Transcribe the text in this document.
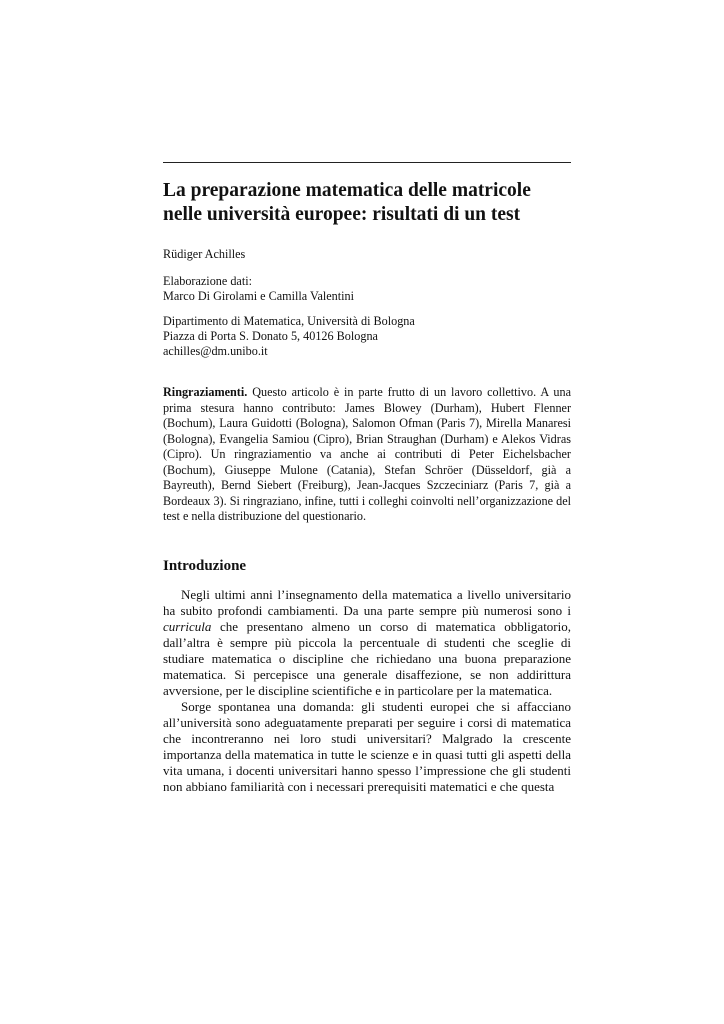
La preparazione matematica delle matricole
nelle università europee: risultati di un test

Rüdiger Achilles

Elaborazione dati:
Marco Di Girolami e Camilla Valentini

Dipartimento di Matematica, Università di Bologna
Piazza di Porta S. Donato 5, 40126 Bologna
achilles@dm.unibo.it

Ringraziamenti. Questo articolo è in parte frutto di un lavoro collettivo. A una prima stesura hanno contributo: James Blowey (Durham), Hubert Flenner (Bochum), Laura Guidotti (Bologna), Salomon Ofman (Paris 7), Mirella Manaresi (Bologna), Evangelia Samiou (Cipro), Brian Straughan (Durham) e Alekos Vidras (Cipro). Un ringraziamentio va anche ai contributi di Peter Eichelsbacher (Bochum), Giuseppe Mulone (Catania), Stefan Schröer (Düsseldorf, già a Bayreuth), Bernd Siebert (Freiburg), Jean-Jacques Szczeciniarz (Paris 7, già a Bordeaux 3). Si ringraziano, infine, tutti i colleghi coinvolti nell’organizzazione del test e nella distribuzione del questionario.

Introduzione

Negli ultimi anni l’insegnamento della matematica a livello universitario ha subito profondi cambiamenti. Da una parte sempre più numerosi sono i curricula che presentano almeno un corso di matematica obbligatorio, dall’altra è sempre più piccola la percentuale di studenti che sceglie di studiare matematica o discipline che richiedano una buona preparazione matematica. Si percepisce una generale disaffezione, se non addirittura avversione, per le discipline scientifiche e in particolare per la matematica.

Sorge spontanea una domanda: gli studenti europei che si affacciano all’università sono adeguatamente preparati per seguire i corsi di matematica che incontreranno nei loro studi universitari? Malgrado la crescente importanza della matematica in tutte le scienze e in quasi tutti gli aspetti della vita umana, i docenti universitari hanno spesso l’impressione che gli studenti non abbiano familiarità con i necessari prerequisiti matematici e che questa
